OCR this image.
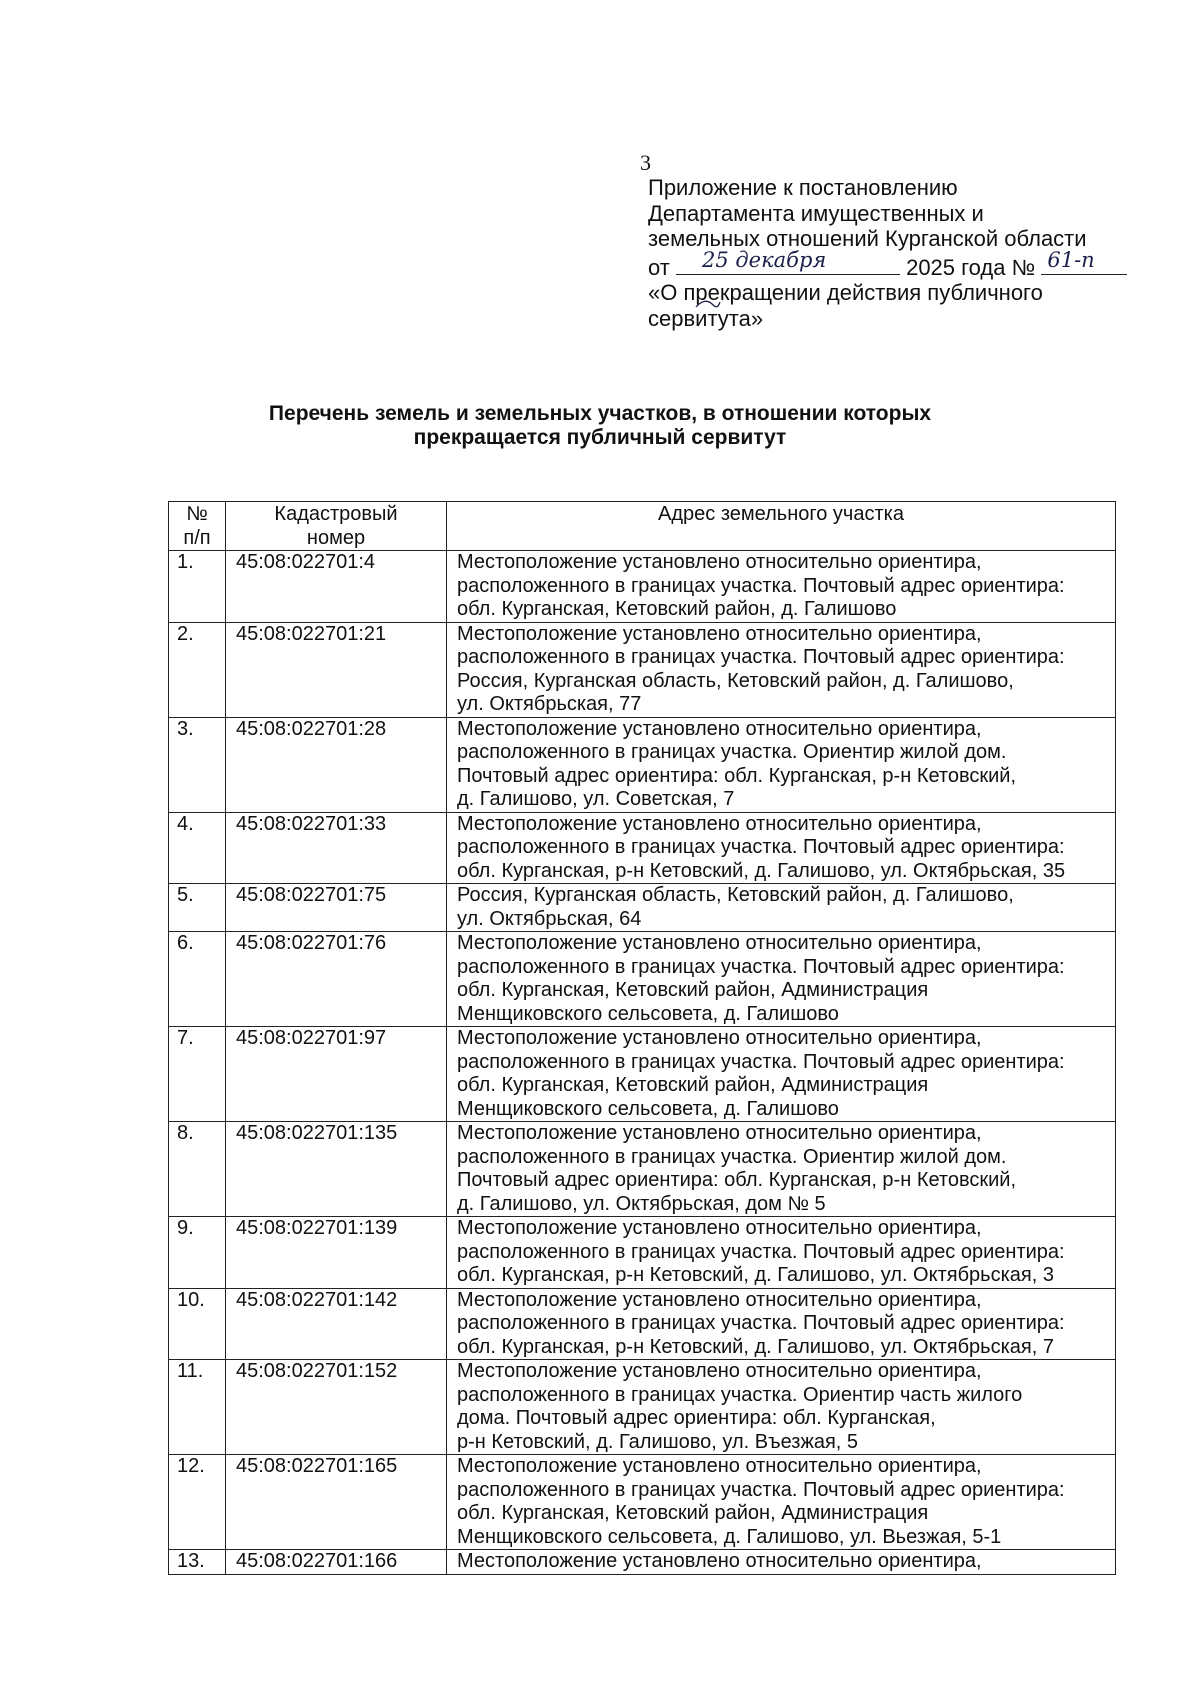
3
Приложение к постановлению
Департамента имущественных и
земельных отношений Курганской области
от 25 декабря	2025 года № 61-п
«О прекращении действия публичного
сервитута»
Перечень земель и земельных участков, в отношении которых
прекращается публичный сервитут
№
п/п	Кадастровый
номер	Адрес земельного участка

1.	45:08:022701:4	Местоположение установлено относительно ориентира,
расположенного в границах участка. Почтовый адрес ориентира:
обл. Курганская, Кетовский район, д. Галишово

2.	45:08:022701:21	Местоположение установлено относительно ориентира,
расположенного в границах участка. Почтовый адрес ориентира:
Россия, Курганская область, Кетовский район, д. Галишово,
ул. Октябрьская, 77

3.	45:08:022701:28	Местоположение установлено относительно ориентира,
расположенного в границах участка. Ориентир жилой дом.
Почтовый адрес ориентира: обл. Курганская, р-н Кетовский,
д. Галишово, ул. Советская, 7

4.	45:08:022701:33	Местоположение установлено относительно ориентира,
расположенного в границах участка. Почтовый адрес ориентира:
обл. Курганская, р-н Кетовский, д. Галишово, ул. Октябрьская, 35

5.	45:08:022701:75	Россия, Курганская область, Кетовский район, д. Галишово,
ул. Октябрьская, 64

6.	45:08:022701:76	Местоположение установлено относительно ориентира,
расположенного в границах участка. Почтовый адрес ориентира:
обл. Курганская, Кетовский район, Администрация
Менщиковского сельсовета, д. Галишово

7.	45:08:022701:97	Местоположение установлено относительно ориентира,
расположенного в границах участка. Почтовый адрес ориентира:
обл. Курганская, Кетовский район, Администрация
Менщиковского сельсовета, д. Галишово

8.	45:08:022701:135	Местоположение установлено относительно ориентира,
расположенного в границах участка. Ориентир жилой дом.
Почтовый адрес ориентира: обл. Курганская, р-н Кетовский,
д. Галишово, ул. Октябрьская, дом № 5

9.	45:08:022701:139	Местоположение установлено относительно ориентира,
расположенного в границах участка. Почтовый адрес ориентира:
обл. Курганская, р-н Кетовский, д. Галишово, ул. Октябрьская, 3

10.	45:08:022701:142	Местоположение установлено относительно ориентира,
расположенного в границах участка. Почтовый адрес ориентира:
обл. Курганская, р-н Кетовский, д. Галишово, ул. Октябрьская, 7

11.	45:08:022701:152	Местоположение установлено относительно ориентира,
расположенного в границах участка. Ориентир часть жилого
дома. Почтовый адрес ориентира: обл. Курганская,
р-н Кетовский, д. Галишово, ул. Въезжая, 5

12.	45:08:022701:165	Местоположение установлено относительно ориентира,
расположенного в границах участка. Почтовый адрес ориентира:
обл. Курганская, Кетовский район, Администрация
Менщиковского сельсовета, д. Галишово, ул. Вьезжая, 5-1

13.	45:08:022701:166	Местоположение установлено относительно ориентира,
